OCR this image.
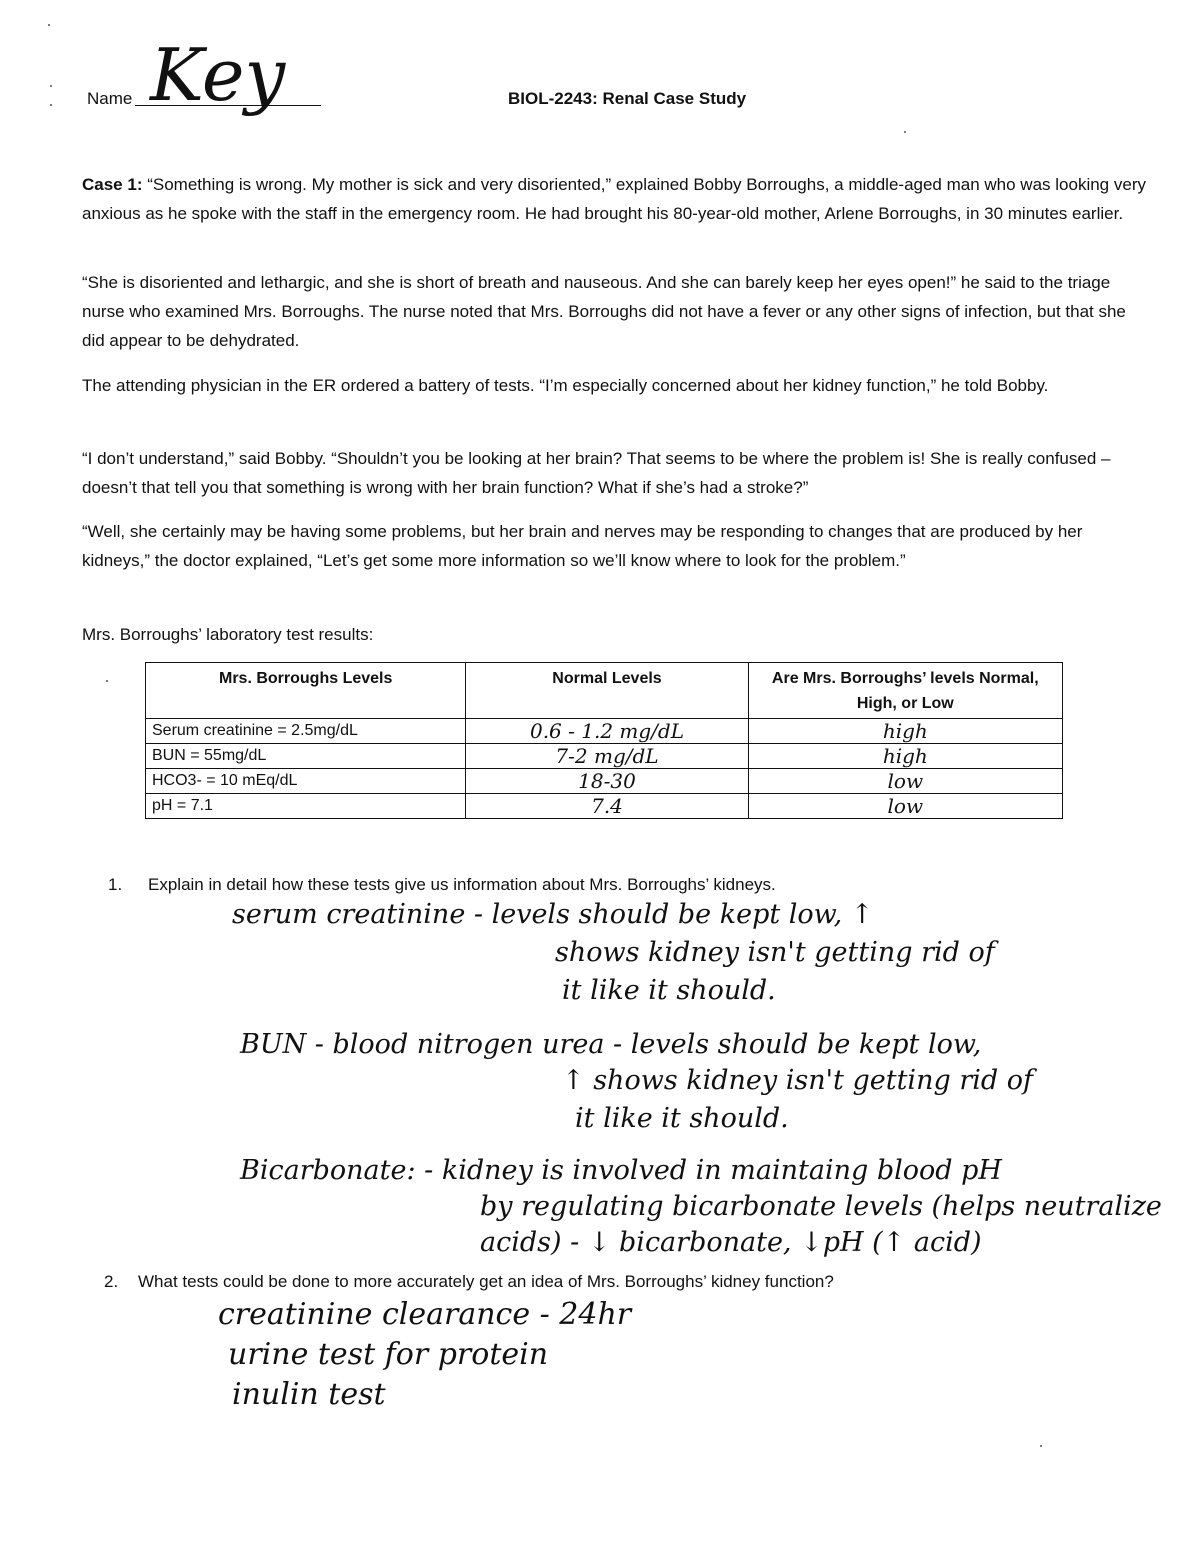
Name Key	BIOL-2243: Renal Case Study
Case 1: “Something is wrong. My mother is sick and very disoriented,” explained Bobby Borroughs, a middle-aged man who was looking very anxious as he spoke with the staff in the emergency room. He had brought his 80-year-old mother, Arlene Borroughs, in 30 minutes earlier.
“She is disoriented and lethargic, and she is short of breath and nauseous. And she can barely keep her eyes open!” he said to the triage nurse who examined Mrs. Borroughs. The nurse noted that Mrs. Borroughs did not have a fever or any other signs of infection, but that she did appear to be dehydrated.
The attending physician in the ER ordered a battery of tests. “I’m especially concerned about her kidney function,” he told Bobby.
“I don’t understand,” said Bobby. “Shouldn’t you be looking at her brain? That seems to be where the problem is! She is really confused – doesn’t that tell you that something is wrong with her brain function? What if she’s had a stroke?”
“Well, she certainly may be having some problems, but her brain and nerves may be responding to changes that are produced by her kidneys,” the doctor explained, “Let’s get some more information so we’ll know where to look for the problem.”
Mrs. Borroughs’ laboratory test results:
Mrs. Borroughs Levels	Normal Levels	Are Mrs. Borroughs’ levels Normal, High, or Low
Serum creatinine = 2.5mg/dL	0.6 - 1.2 mg/dL	high
BUN = 55mg/dL	7-2 mg/dL	high
HCO3- = 10 mEq/dL	18-30	low
pH = 7.1	7.4	low
1. Explain in detail how these tests give us information about Mrs. Borroughs’ kidneys.
serum creatinine - levels should be kept low, ↑
shows kidney isn't getting rid of
it like it should.
BUN - blood nitrogen urea - levels should be kept low,
↑ shows kidney isn't getting rid of
it like it should.
Bicarbonate: - kidney is involved in maintaing blood pH
by regulating bicarbonate levels (helps neutralize
acids) - ↓ bicarbonate, ↓pH (↑ acid)
2. What tests could be done to more accurately get an idea of Mrs. Borroughs’ kidney function?
creatinine clearance - 24hr
urine test for protein
inulin test
